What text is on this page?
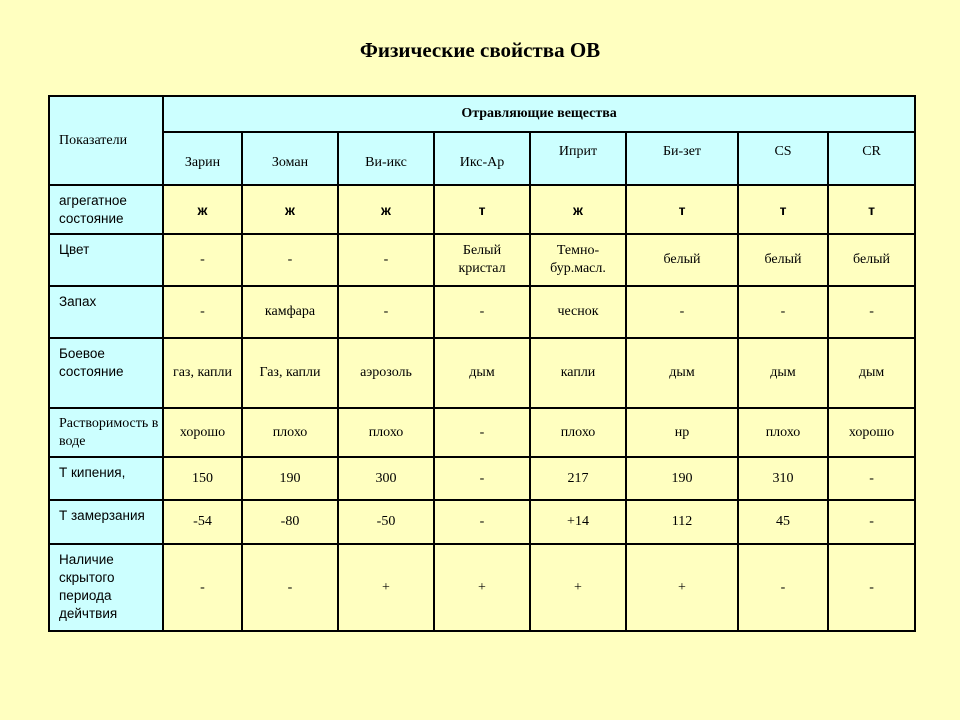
Физические свойства ОВ
Показатели	Отравляющие вещества							
	Зарин	Зоман	Ви-икс	Икс-Ар	Иприт	Би-зет	CS	CR
агрегатное состояние	ж	ж	ж	т	ж	т	т	т
Цвет	-	-	-	Белый кристал	Темно-бур.масл.	белый	белый	белый
Запах	-	камфара	-	-	чеснок	-	-	-
Боевое состояние	газ, капли	Газ, капли	аэрозоль	дым	капли	дым	дым	дым
Растворимость в воде	хорошо	плохо	плохо	-	плохо	нр	плохо	хорошо
Т кипения,	150	190	300	-	217	190	310	-
Т замерзания	-54	-80	-50	-	+14	112	45	-
Наличие скрытого периода дейчтвия	-	-	+	+	+	+	-	-
